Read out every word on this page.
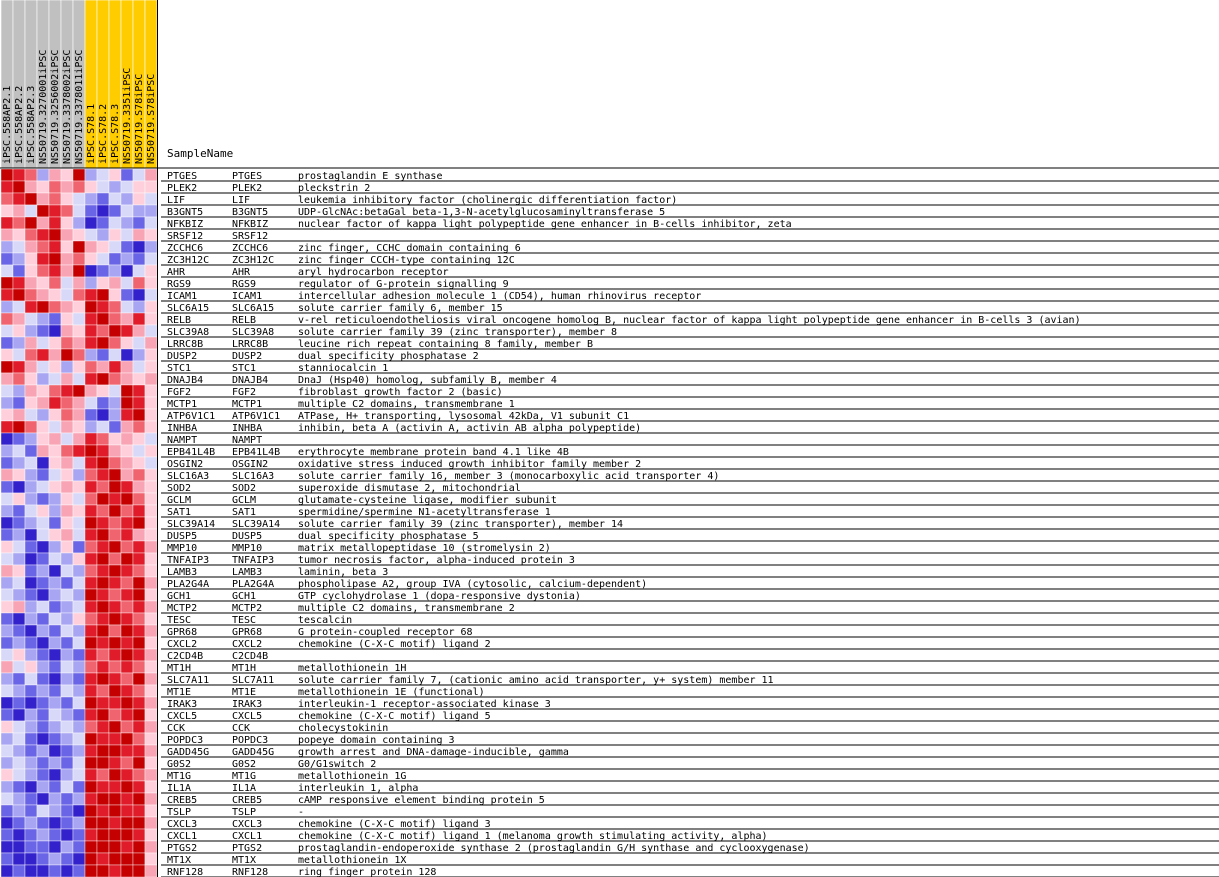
iPSC.558AP2.1 iPSC.558AP2.2 iPSC.558AP2.3 NS50719.3270001iPSC NS50719.3256002iPSC NS50719.3378002iPSC NS50719.3378011iPSC iPSC.S78.1 iPSC.S78.2 iPSC.S78.3 NS50719.3351iPSC NS50719.S78iPSC NS50719.S78iPSC SampleName
PTGES	PTGES	prostaglandin E synthase
PLEK2	PLEK2	pleckstrin 2
LIF	LIF	leukemia inhibitory factor (cholinergic differentiation factor)
B3GNT5	B3GNT5	UDP-GlcNAc:betaGal beta-1,3-N-acetylglucosaminyltransferase 5
NFKBIZ	NFKBIZ	nuclear factor of kappa light polypeptide gene enhancer in B-cells inhibitor, zeta
SRSF12	SRSF12
ZCCHC6	ZCCHC6	zinc finger, CCHC domain containing 6
ZC3H12C ZC3H12C zinc finger CCCH-type containing 12C
AHR	AHR	aryl hydrocarbon receptor
RGS9	RGS9	regulator of G-protein signalling 9
ICAM1	ICAM1	intercellular adhesion molecule 1 (CD54), human rhinovirus receptor
SLC6A15 SLC6A15 solute carrier family 6, member 15
RELB	RELB	v-rel reticuloendotheliosis viral oncogene homolog B, nuclear factor of kappa light polypeptide gene enhancer in B-cells 3 (avian)
SLC39A8 SLC39A8 solute carrier family 39 (zinc transporter), member 8
LRRC8B	LRRC8B	leucine rich repeat containing 8 family, member B
DUSP2	DUSP2	dual specificity phosphatase 2
STC1	STC1	stanniocalcin 1
DNAJB4	DNAJB4	DnaJ (Hsp40) homolog, subfamily B, member 4
FGF2	FGF2	fibroblast growth factor 2 (basic)
MCTP1	MCTP1	multiple C2 domains, transmembrane 1
ATP6V1C1 ATP6V1C1 ATPase, H+ transporting, lysosomal 42kDa, V1 subunit C1
INHBA	INHBA	inhibin, beta A (activin A, activin AB alpha polypeptide)
NAMPT	NAMPT
EPB41L4B EPB41L4B erythrocyte membrane protein band 4.1 like 4B
OSGIN2	OSGIN2	oxidative stress induced growth inhibitor family member 2
SLC16A3 SLC16A3 solute carrier family 16, member 3 (monocarboxylic acid transporter 4)
SOD2	SOD2	superoxide dismutase 2, mitochondrial
GCLM	GCLM	glutamate-cysteine ligase, modifier subunit
SAT1	SAT1	spermidine/spermine N1-acetyltransferase 1
SLC39A14 SLC39A14 solute carrier family 39 (zinc transporter), member 14
DUSP5	DUSP5	dual specificity phosphatase 5
MMP10	MMP10	matrix metallopeptidase 10 (stromelysin 2)
TNFAIP3 TNFAIP3 tumor necrosis factor, alpha-induced protein 3
LAMB3	LAMB3	laminin, beta 3
PLA2G4A PLA2G4A phospholipase A2, group IVA (cytosolic, calcium-dependent)
GCH1	GCH1	GTP cyclohydrolase 1 (dopa-responsive dystonia)
MCTP2	MCTP2	multiple C2 domains, transmembrane 2
TESC	TESC	tescalcin
GPR68	GPR68	G protein-coupled receptor 68
CXCL2	CXCL2	chemokine (C-X-C motif) ligand 2
C2CD4B	C2CD4B
MT1H	MT1H	metallothionein 1H
SLC7A11 SLC7A11 solute carrier family 7, (cationic amino acid transporter, y+ system) member 11
MT1E	MT1E	metallothionein 1E (functional)
IRAK3	IRAK3	interleukin-1 receptor-associated kinase 3
CXCL5	CXCL5	chemokine (C-X-C motif) ligand 5
CCK	CCK	cholecystokinin
POPDC3	POPDC3	popeye domain containing 3
GADD45G GADD45G growth arrest and DNA-damage-inducible, gamma
G0S2	G0S2	G0/G1switch 2
MT1G	MT1G	metallothionein 1G
IL1A	IL1A	interleukin 1, alpha
CREB5	CREB5	cAMP responsive element binding protein 5
TSLP	TSLP	-
CXCL3	CXCL3	chemokine (C-X-C motif) ligand 3
CXCL1	CXCL1	chemokine (C-X-C motif) ligand 1 (melanoma growth stimulating activity, alpha)
PTGS2	PTGS2	prostaglandin-endoperoxide synthase 2 (prostaglandin G/H synthase and cyclooxygenase)
MT1X	MT1X	metallothionein 1X
RNF128	RNF128	ring finger protein 128
